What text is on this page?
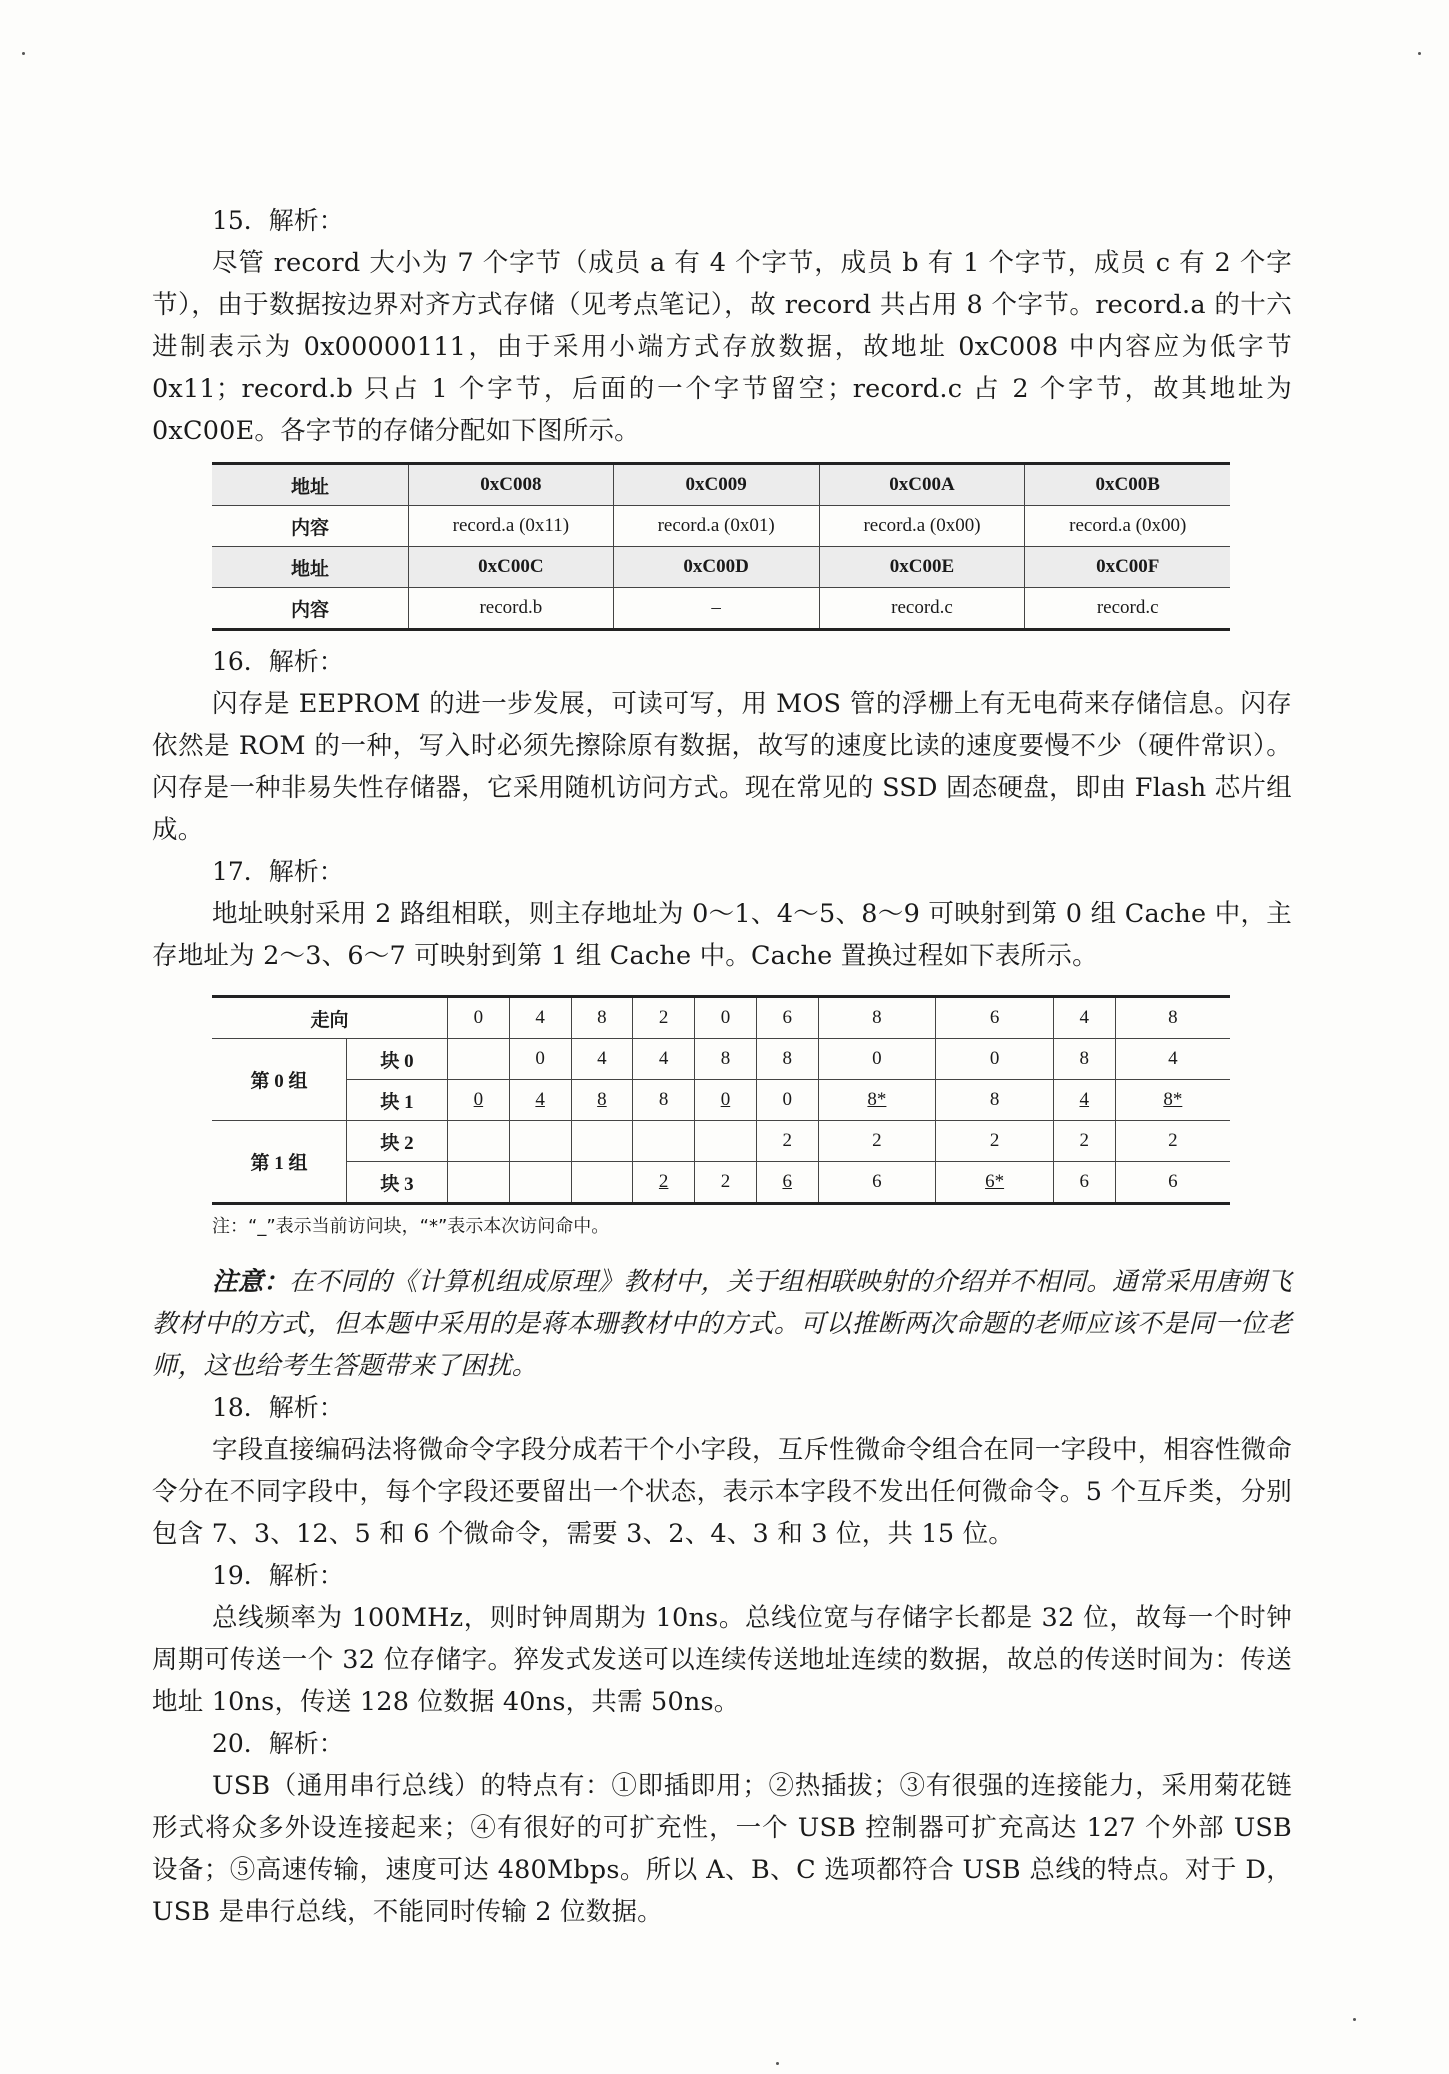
15．解析：

尽管 record 大小为 7 个字节（成员 a 有 4 个字节，成员 b 有 1 个字节，成员 c 有 2 个字节），由于数据按边界对齐方式存储（见考点笔记），故 record 共占用 8 个字节。record.a 的十六进制表示为 0x00000111，由于采用小端方式存放数据，故地址 0xC008 中内容应为低字节 0x11；record.b 只占 1 个字节，后面的一个字节留空；record.c 占 2 个字节，故其地址为 0xC00E。各字节的存储分配如下图所示。

地址	0xC008	0xC009	0xC00A	0xC00B
内容	record.a (0x11)	record.a (0x01)	record.a (0x00)	record.a (0x00)
地址	0xC00C	0xC00D	0xC00E	0xC00F
内容	record.b	–	record.c	record.c

16．解析：

闪存是 EEPROM 的进一步发展，可读可写，用 MOS 管的浮栅上有无电荷来存储信息。闪存依然是 ROM 的一种，写入时必须先擦除原有数据，故写的速度比读的速度要慢不少（硬件常识）。闪存是一种非易失性存储器，它采用随机访问方式。现在常见的 SSD 固态硬盘，即由 Flash 芯片组成。

17．解析：

地址映射采用 2 路组相联，则主存地址为 0～1、4～5、8～9 可映射到第 0 组 Cache 中，主存地址为 2～3、6～7 可映射到第 1 组 Cache 中。Cache 置换过程如下表所示。

走向		0	4	8	2	0	6	8	6	4	8
第 0 组	块 0		0	4	4	8	8	0	0	8	4
	块 1	0	4	8	8	0	0	8*	8	4	8*
第 1 组	块 2						2	2	2	2	2
	块 3				2	2	6	6	6*	6	6

注：“_”表示当前访问块，“*”表示本次访问命中。

注意：在不同的《计算机组成原理》教材中，关于组相联映射的介绍并不相同。通常采用唐朔飞教材中的方式，但本题中采用的是蒋本珊教材中的方式。可以推断两次命题的老师应该不是同一位老师，这也给考生答题带来了困扰。

18．解析：

字段直接编码法将微命令字段分成若干个小字段，互斥性微命令组合在同一字段中，相容性微命令分在不同字段中，每个字段还要留出一个状态，表示本字段不发出任何微命令。5 个互斥类，分别包含 7、3、12、5 和 6 个微命令，需要 3、2、4、3 和 3 位，共 15 位。

19．解析：

总线频率为 100MHz，则时钟周期为 10ns。总线位宽与存储字长都是 32 位，故每一个时钟周期可传送一个 32 位存储字。猝发式发送可以连续传送地址连续的数据，故总的传送时间为：传送地址 10ns，传送 128 位数据 40ns，共需 50ns。

20．解析：

USB（通用串行总线）的特点有：①即插即用；②热插拔；③有很强的连接能力，采用菊花链形式将众多外设连接起来；④有很好的可扩充性，一个 USB 控制器可扩充高达 127 个外部 USB 设备；⑤高速传输，速度可达 480Mbps。所以 A、B、C 选项都符合 USB 总线的特点。对于 D，USB 是串行总线，不能同时传输 2 位数据。
